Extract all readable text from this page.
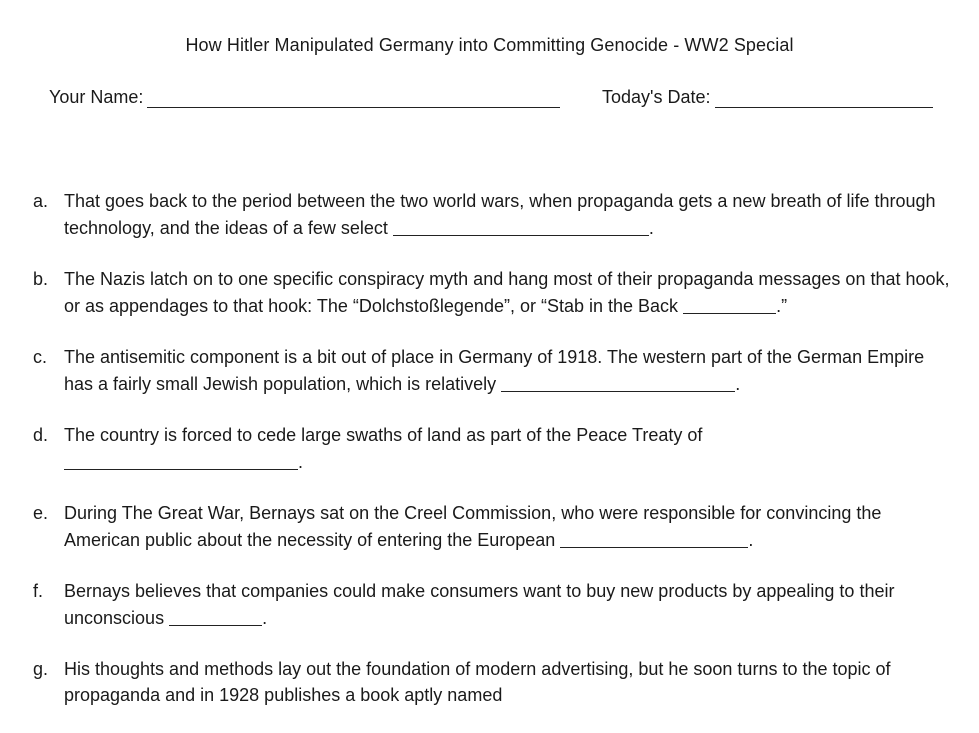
How Hitler Manipulated Germany into Committing Genocide - WW2 Special
Your Name:	Today's Date:
a. That goes back to the period between the two world wars, when propaganda gets a new breath of life through technology, and the ideas of a few select	.
b. The Nazis latch on to one specific conspiracy myth and hang most of their propaganda messages on that hook, or as appendages to that hook: The “Dolchstoßlegende”, or “Stab in the Back	.”
c. The antisemitic component is a bit out of place in Germany of 1918. The western part of the German Empire has a fairly small Jewish population, which is relatively	.
d. The country is forced to cede large swaths of land as part of the Peace Treaty of
.
e. During The Great War, Bernays sat on the Creel Commission, who were responsible for convincing the American public about the necessity of entering the European	.
f. Bernays believes that companies could make consumers want to buy new products by appealing to their unconscious	.
g. His thoughts and methods lay out the foundation of modern advertising, but he soon turns to the topic of propaganda and in 1928 publishes a book aptly named
